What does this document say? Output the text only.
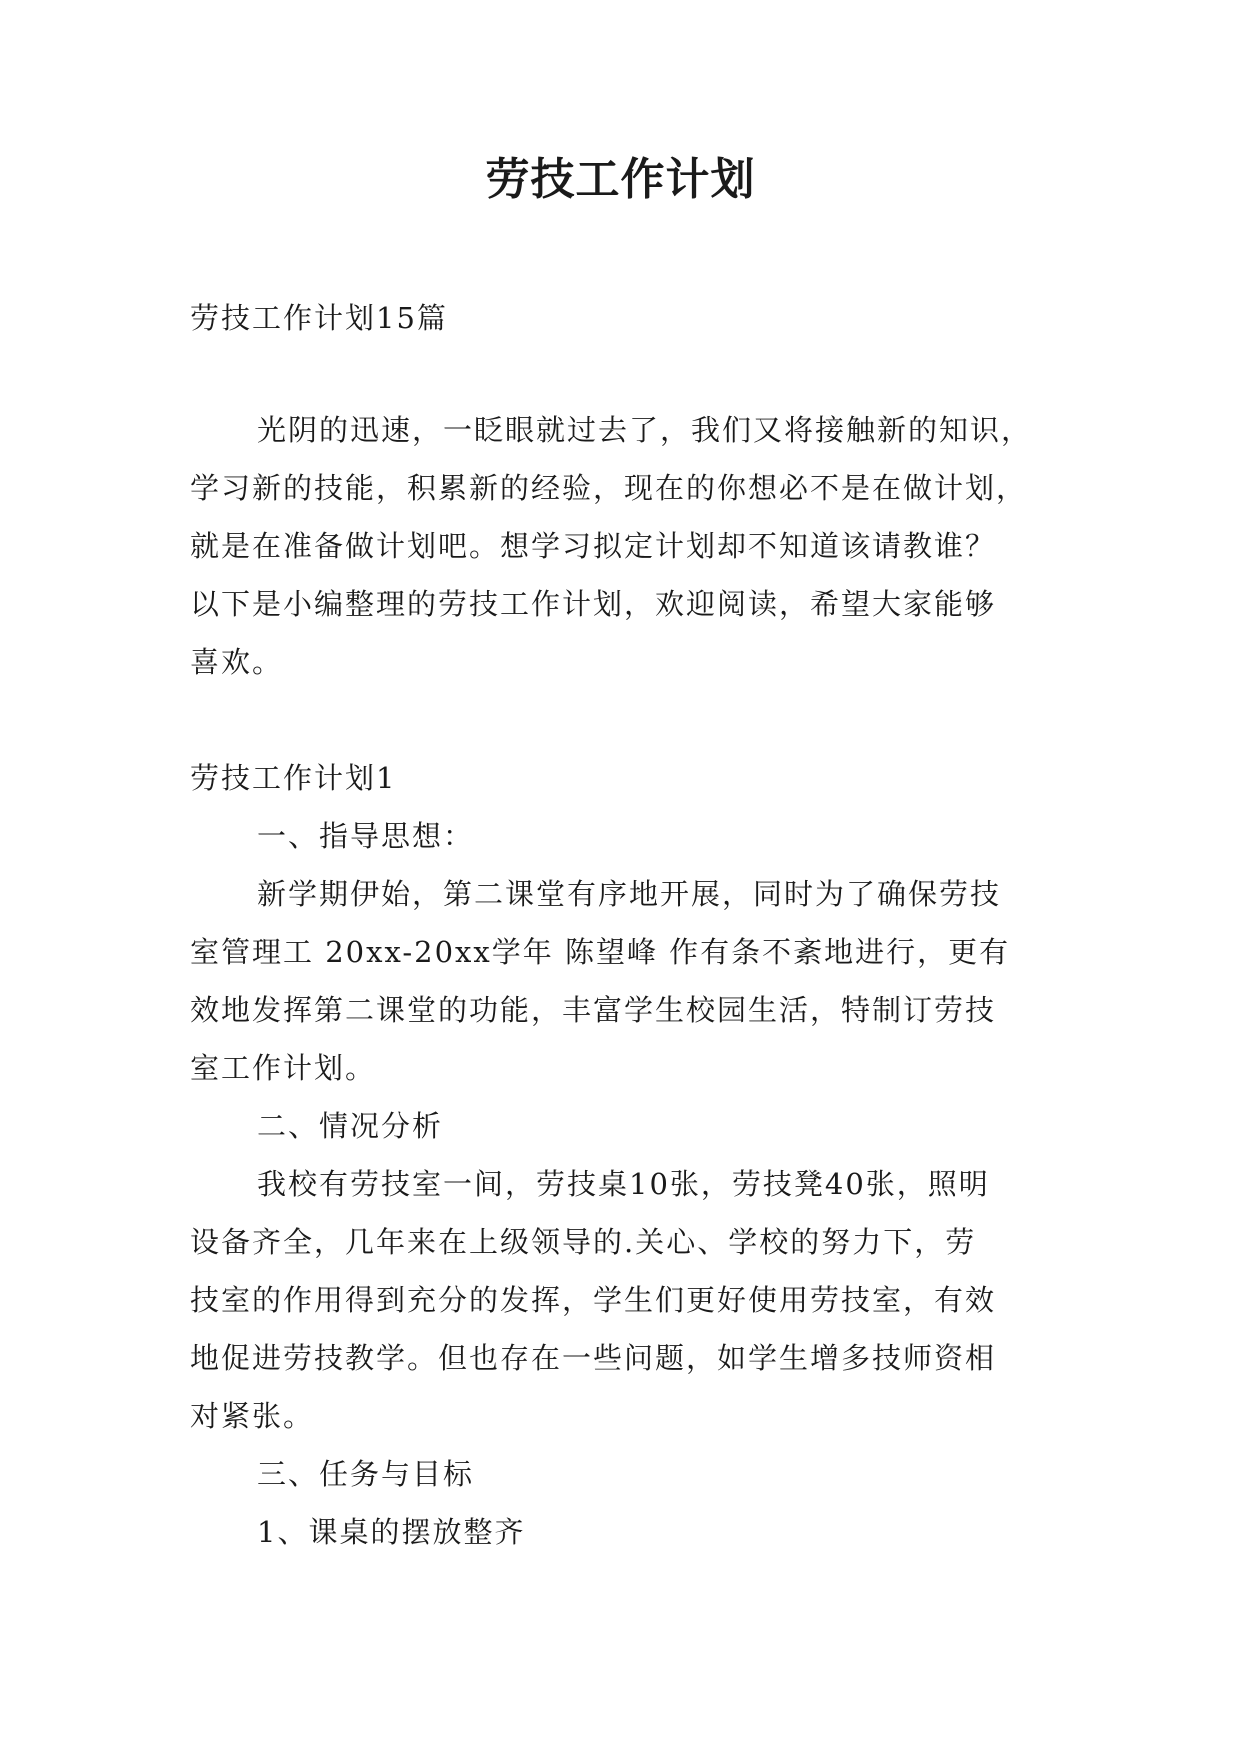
劳技工作计划

劳技工作计划15篇

光阴的迅速，一眨眼就过去了，我们又将接触新的知识，

学习新的技能，积累新的经验，现在的你想必不是在做计划，

就是在准备做计划吧。想学习拟定计划却不知道该请教谁？

以下是小编整理的劳技工作计划，欢迎阅读，希望大家能够

喜欢。

劳技工作计划1

一、指导思想：

新学期伊始，第二课堂有序地开展，同时为了确保劳技

室管理工 20xx-20xx学年 陈望峰 作有条不紊地进行，更有

效地发挥第二课堂的功能，丰富学生校园生活，特制订劳技

室工作计划。

二、情况分析

我校有劳技室一间，劳技桌10张，劳技凳40张，照明

设备齐全，几年来在上级领导的.关心、学校的努力下，劳

技室的作用得到充分的发挥，学生们更好使用劳技室，有效

地促进劳技教学。但也存在一些问题，如学生增多技师资相

对紧张。

三、任务与目标

1、课桌的摆放整齐
